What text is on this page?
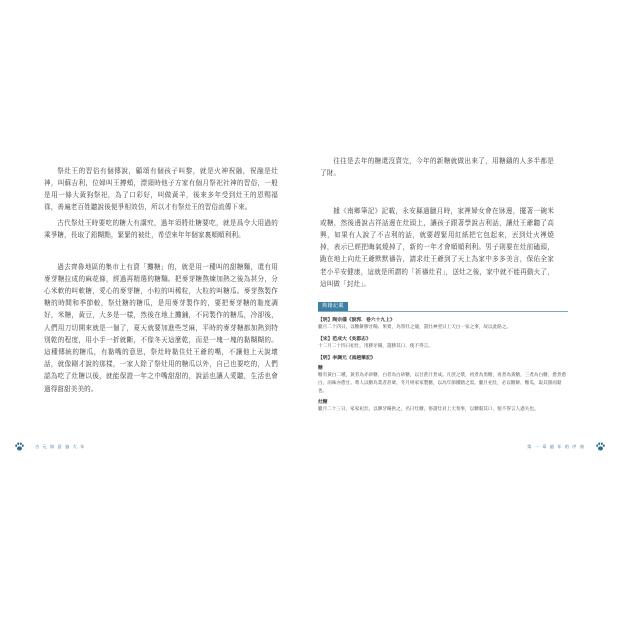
祭灶王的習俗有個傳說，顧頌有個孩子叫黎，就是火神祝融，祝融是灶神，叫蘇吉利，位婦叫王搏頰，漂頸時他子方家有個月祭祀社神的習俗，一般是用一條大黃狗祭祀，為了口彩好，叫做黃羊，後來多年受到灶王的恩赐福祿，善遍老百姓聽說後便爭相效仿，所以才有祭灶王的習俗流傳下來。

古代祭灶王時要吃的糖大有講究，過年須將灶糖要吃，就是爲令大用過的乘爭糖，長取了鉛糊點，緊緊的被灶，希望來年年個家裏順順利利。

過去齊魯地區的集市上有賣「攤糖」的，就是用一種叫的甜糖麵，還有用麥芽糖拉成的麻花條，經過再精選的糖麵。把麥芽糖熬煉加熱之後為甚分，分心米軟的叫軟糖，愛心的麥芽糖，小粒的叫稀粒，大粒的叫糖瓜。麥芽熬製作糖的時間和季節較，祭灶糖的糖瓜，是用麥芽製作的，要把麥芽糖的黏度調好，米糖，黃豆，大多是一樣，然後在地上攤鋪，不同製作的糖瓜，冷卻後，人們用刀切開來就是一個了，夏天就要加進些芝麻，平時的麥芽糖都加熱到特別乾的程度，用小手一折就斷，不像冬天這麼乾，而是一塊一塊的黏糊糊的。這種傳統的糖瓜，有黏嘴的意思，祭灶時黏住灶王爺的嘴，不讓他上天說壞話，就像剛才說的那樣，一家人除了祭灶用的糖瓜以外，自己也要吃的，人們認為吃了灶糖以後，就能保證一年之中嘴甜甜的，說話也讓人愛聽，生活也會過得甜甜美美的。

吉 元 如 意 過 大 年

往往是去年的糖還沒賣完，今年的新糖就做出來了，用糖鑄的人多半都是了財。

據《南鄉筆記》記載，永安縣過臘月時，家裡婦女會在牀邊，擺著一碗米或糖，然後邊說吉祥話邊在灶頭上，讓孩子跟著學說吉利話，讓灶王爺聽了高興，如果有人說了不吉利的話，就要趕緊用紅紙把它包起來，丟到灶火裡燒掉，表示已經把晦氣燒掉了，新的一年才會順順利利。男子則要在灶前磕頭，跪在地上向灶王爺默默禱告，請求灶王爺到了天上為家中多多美言，保佑全家老小平安健康，這就是所謂的「祈禱灶君」，送灶之後，家中就不能再動火了，這叫做「封灶」。

典籍記載
【明】陶宗儀《說郛．卷六十九上》
臘月二十四日，以糖餅膠牙餳、果實，為祭灶之儀，謂灶神翌日上天白一家之事，故以此賂之。
【宋】范成大《吳郡志》
十二月二十四日祀灶，用膠牙餳，謂膠其口，使不得言。
【明】李調元《南越筆記》
糖
糖有黃白二種，黃者為赤砂糖，白者為白砂糖，以甘蔗汁煮成。凡蔗之漿，初煮為黑糖，再煮為黃糖，三煮為白糖，愈煮愈白，而味亦愈甘。粵人以糖為業者甚眾，冬月則家家製糖，以為年節饋贈之需。臘月祀灶，必以糖餅、糖瓜，取其甜而黏也。
灶糖
臘月二十三日，家家祀灶，以膠牙餳供之，名曰灶糖，俗謂灶君上天奏事，以糖黏其口，使不得言人過失也。
第 一 章 過 年 的 序 曲
